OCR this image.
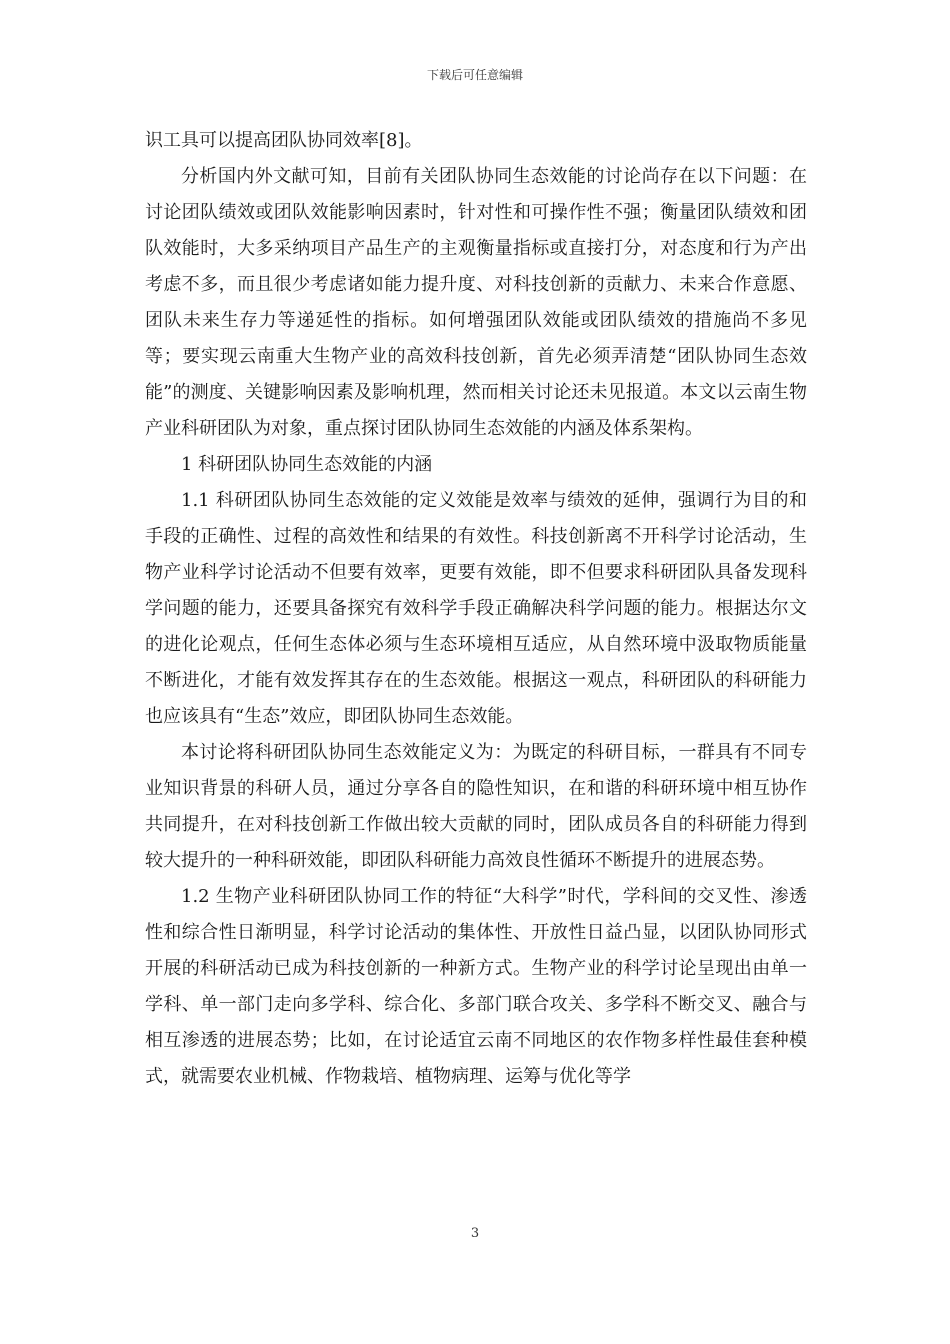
下载后可任意编辑

识工具可以提高团队协同效率[8]。

分析国内外文献可知，目前有关团队协同生态效能的讨论尚存在以下问题：在讨论团队绩效或团队效能影响因素时，针对性和可操作性不强；衡量团队绩效和团队效能时，大多采纳项目产品生产的主观衡量指标或直接打分，对态度和行为产出考虑不多，而且很少考虑诸如能力提升度、对科技创新的贡献力、未来合作意愿、团队未来生存力等递延性的指标。如何增强团队效能或团队绩效的措施尚不多见等；要实现云南重大生物产业的高效科技创新，首先必须弄清楚“团队协同生态效能”的测度、关键影响因素及影响机理，然而相关讨论还未见报道。本文以云南生物产业科研团队为对象，重点探讨团队协同生态效能的内涵及体系架构。

1 科研团队协同生态效能的内涵

1.1 科研团队协同生态效能的定义效能是效率与绩效的延伸，强调行为目的和手段的正确性、过程的高效性和结果的有效性。科技创新离不开科学讨论活动，生物产业科学讨论活动不但要有效率，更要有效能，即不但要求科研团队具备发现科学问题的能力，还要具备探究有效科学手段正确解决科学问题的能力。根据达尔文的进化论观点，任何生态体必须与生态环境相互适应，从自然环境中汲取物质能量不断进化，才能有效发挥其存在的生态效能。根据这一观点，科研团队的科研能力也应该具有“生态”效应，即团队协同生态效能。

本讨论将科研团队协同生态效能定义为：为既定的科研目标，一群具有不同专业知识背景的科研人员，通过分享各自的隐性知识，在和谐的科研环境中相互协作共同提升，在对科技创新工作做出较大贡献的同时，团队成员各自的科研能力得到较大提升的一种科研效能，即团队科研能力高效良性循环不断提升的进展态势。

1.2 生物产业科研团队协同工作的特征“大科学”时代，学科间的交叉性、渗透性和综合性日渐明显，科学讨论活动的集体性、开放性日益凸显，以团队协同形式开展的科研活动已成为科技创新的一种新方式。生物产业的科学讨论呈现出由单一学科、单一部门走向多学科、综合化、多部门联合攻关、多学科不断交叉、融合与相互渗透的进展态势；比如，在讨论适宜云南不同地区的农作物多样性最佳套种模式，就需要农业机械、作物栽培、植物病理、运筹与优化等学

3
